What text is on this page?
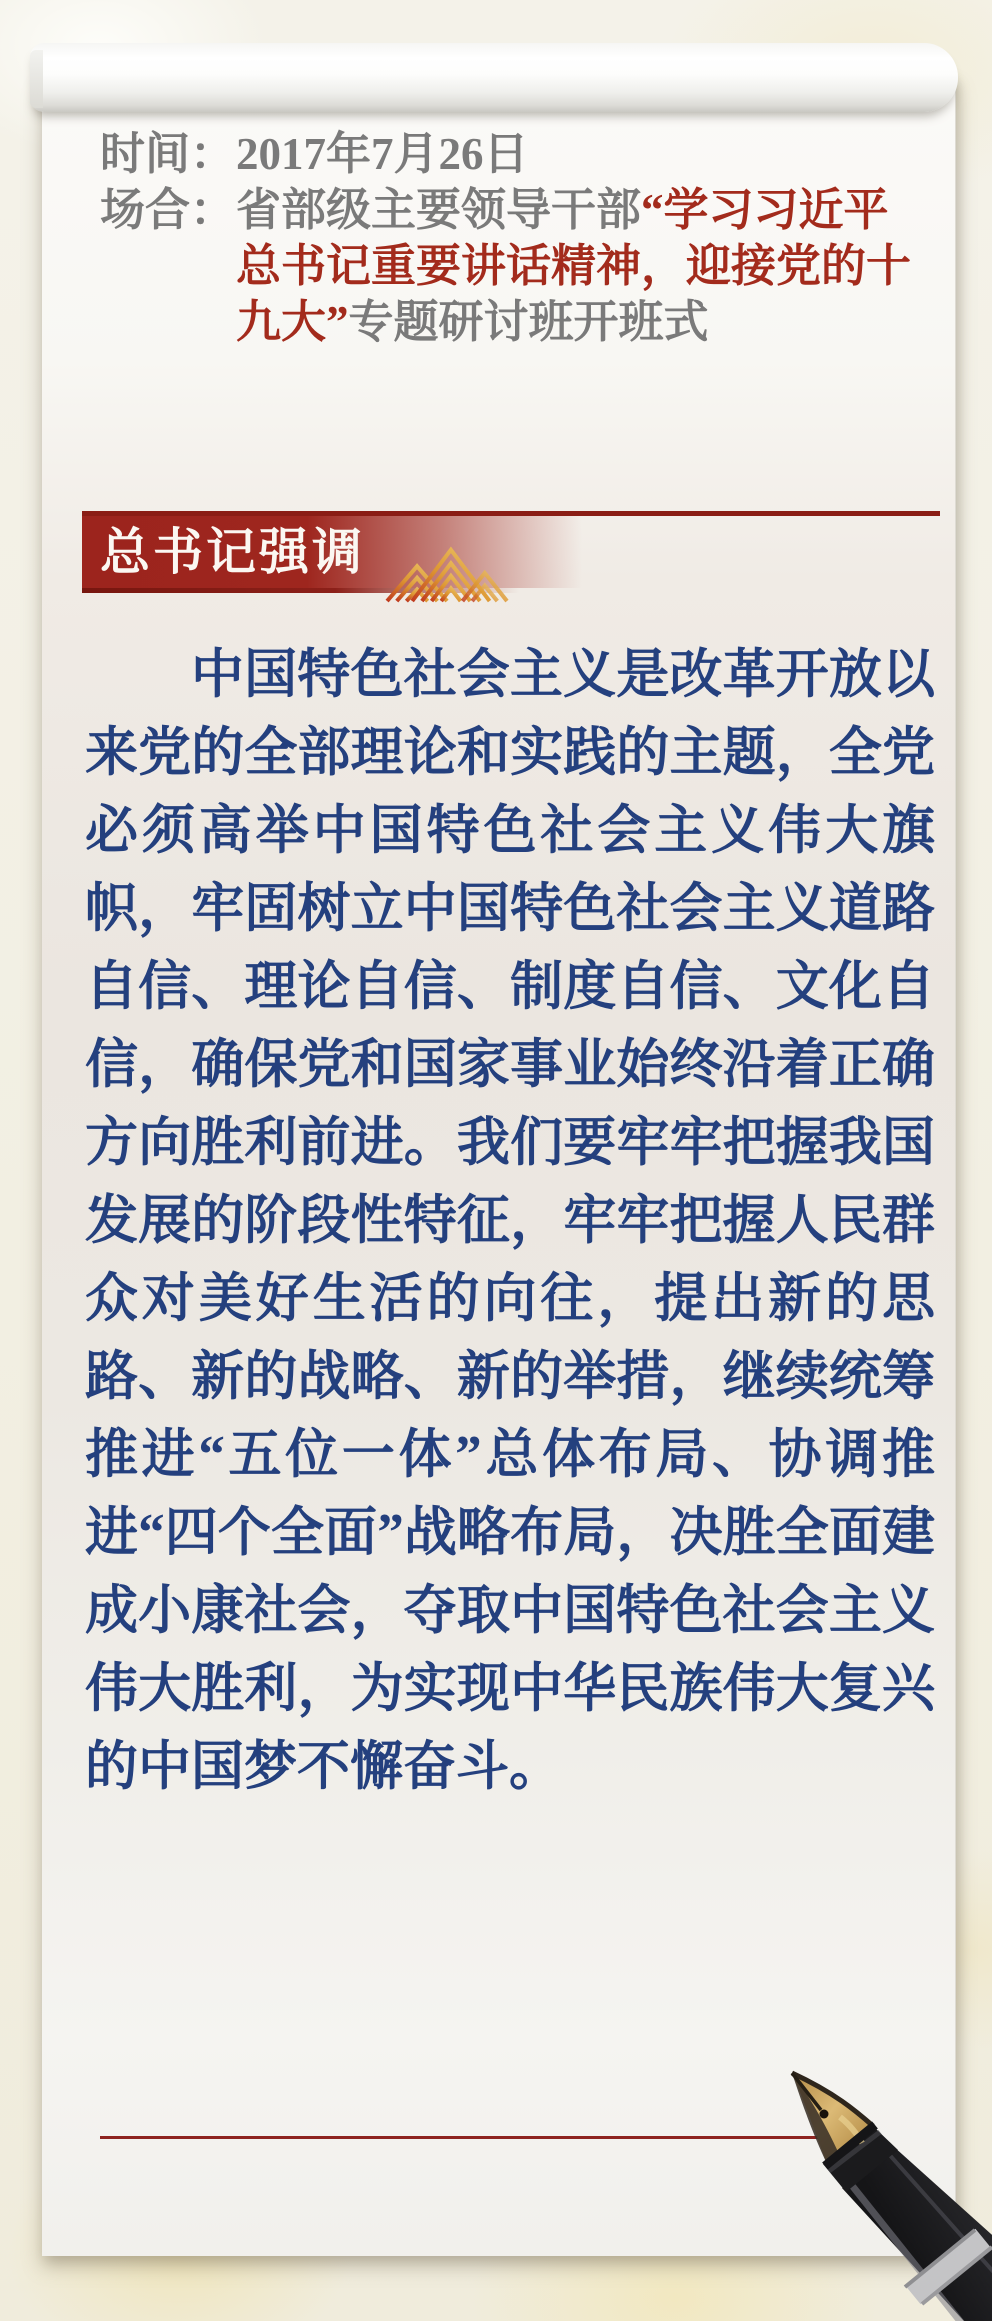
时间： 2017年7月26日
场合： 省部级主要领导干部“学习习近平总书记重要讲话精神，迎接党的十九大”专题研讨班开班式
总书记强调

中国特色社会主义是改革开放以来党的全部理论和实践的主题，全党必须高举中国特色社会主义伟大旗帜，牢固树立中国特色社会主义道路自信、理论自信、制度自信、文化自信，确保党和国家事业始终沿着正确方向胜利前进。我们要牢牢把握我国发展的阶段性特征，牢牢把握人民群众对美好生活的向往，提出新的思路、新的战略、新的举措，继续统筹推进“五位一体”总体布局、协调推进“四个全面”战略布局，决胜全面建成小康社会，夺取中国特色社会主义伟大胜利，为实现中华民族伟大复兴的中国梦不懈奋斗。
